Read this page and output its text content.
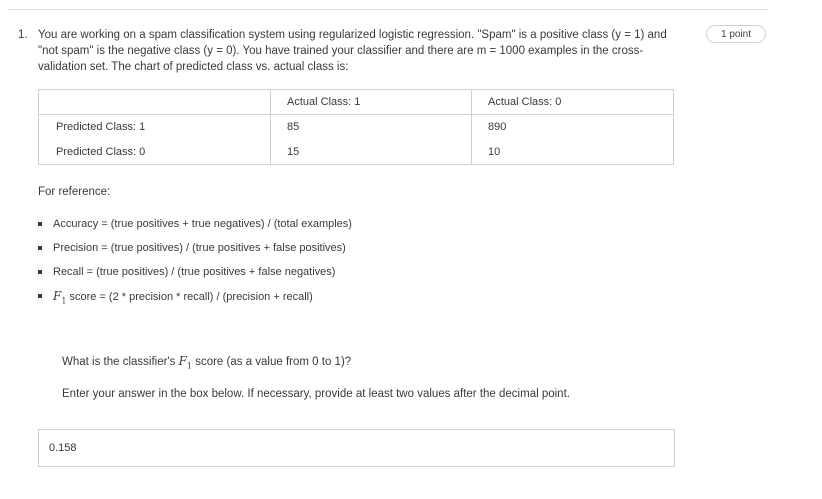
1. You are working on a spam classification system using regularized logistic regression. "Spam" is a positive class (y = 1) and "not spam" is the negative class (y = 0). You have trained your classifier and there are m = 1000 examples in the cross-validation set. The chart of predicted class vs. actual class is:
1 point
	Actual Class: 1	Actual Class: 0
Predicted Class: 1	85	890
Predicted Class: 0	15	10
For reference:
Accuracy = (true positives + true negatives) / (total examples)
Precision = (true positives) / (true positives + false positives)
Recall = (true positives) / (true positives + false negatives)
$F_1$ score = (2 * precision * recall) / (precision + recall)
What is the classifier's $F_1$ score (as a value from 0 to 1)?
Enter your answer in the box below. If necessary, provide at least two values after the decimal point.
0.158
